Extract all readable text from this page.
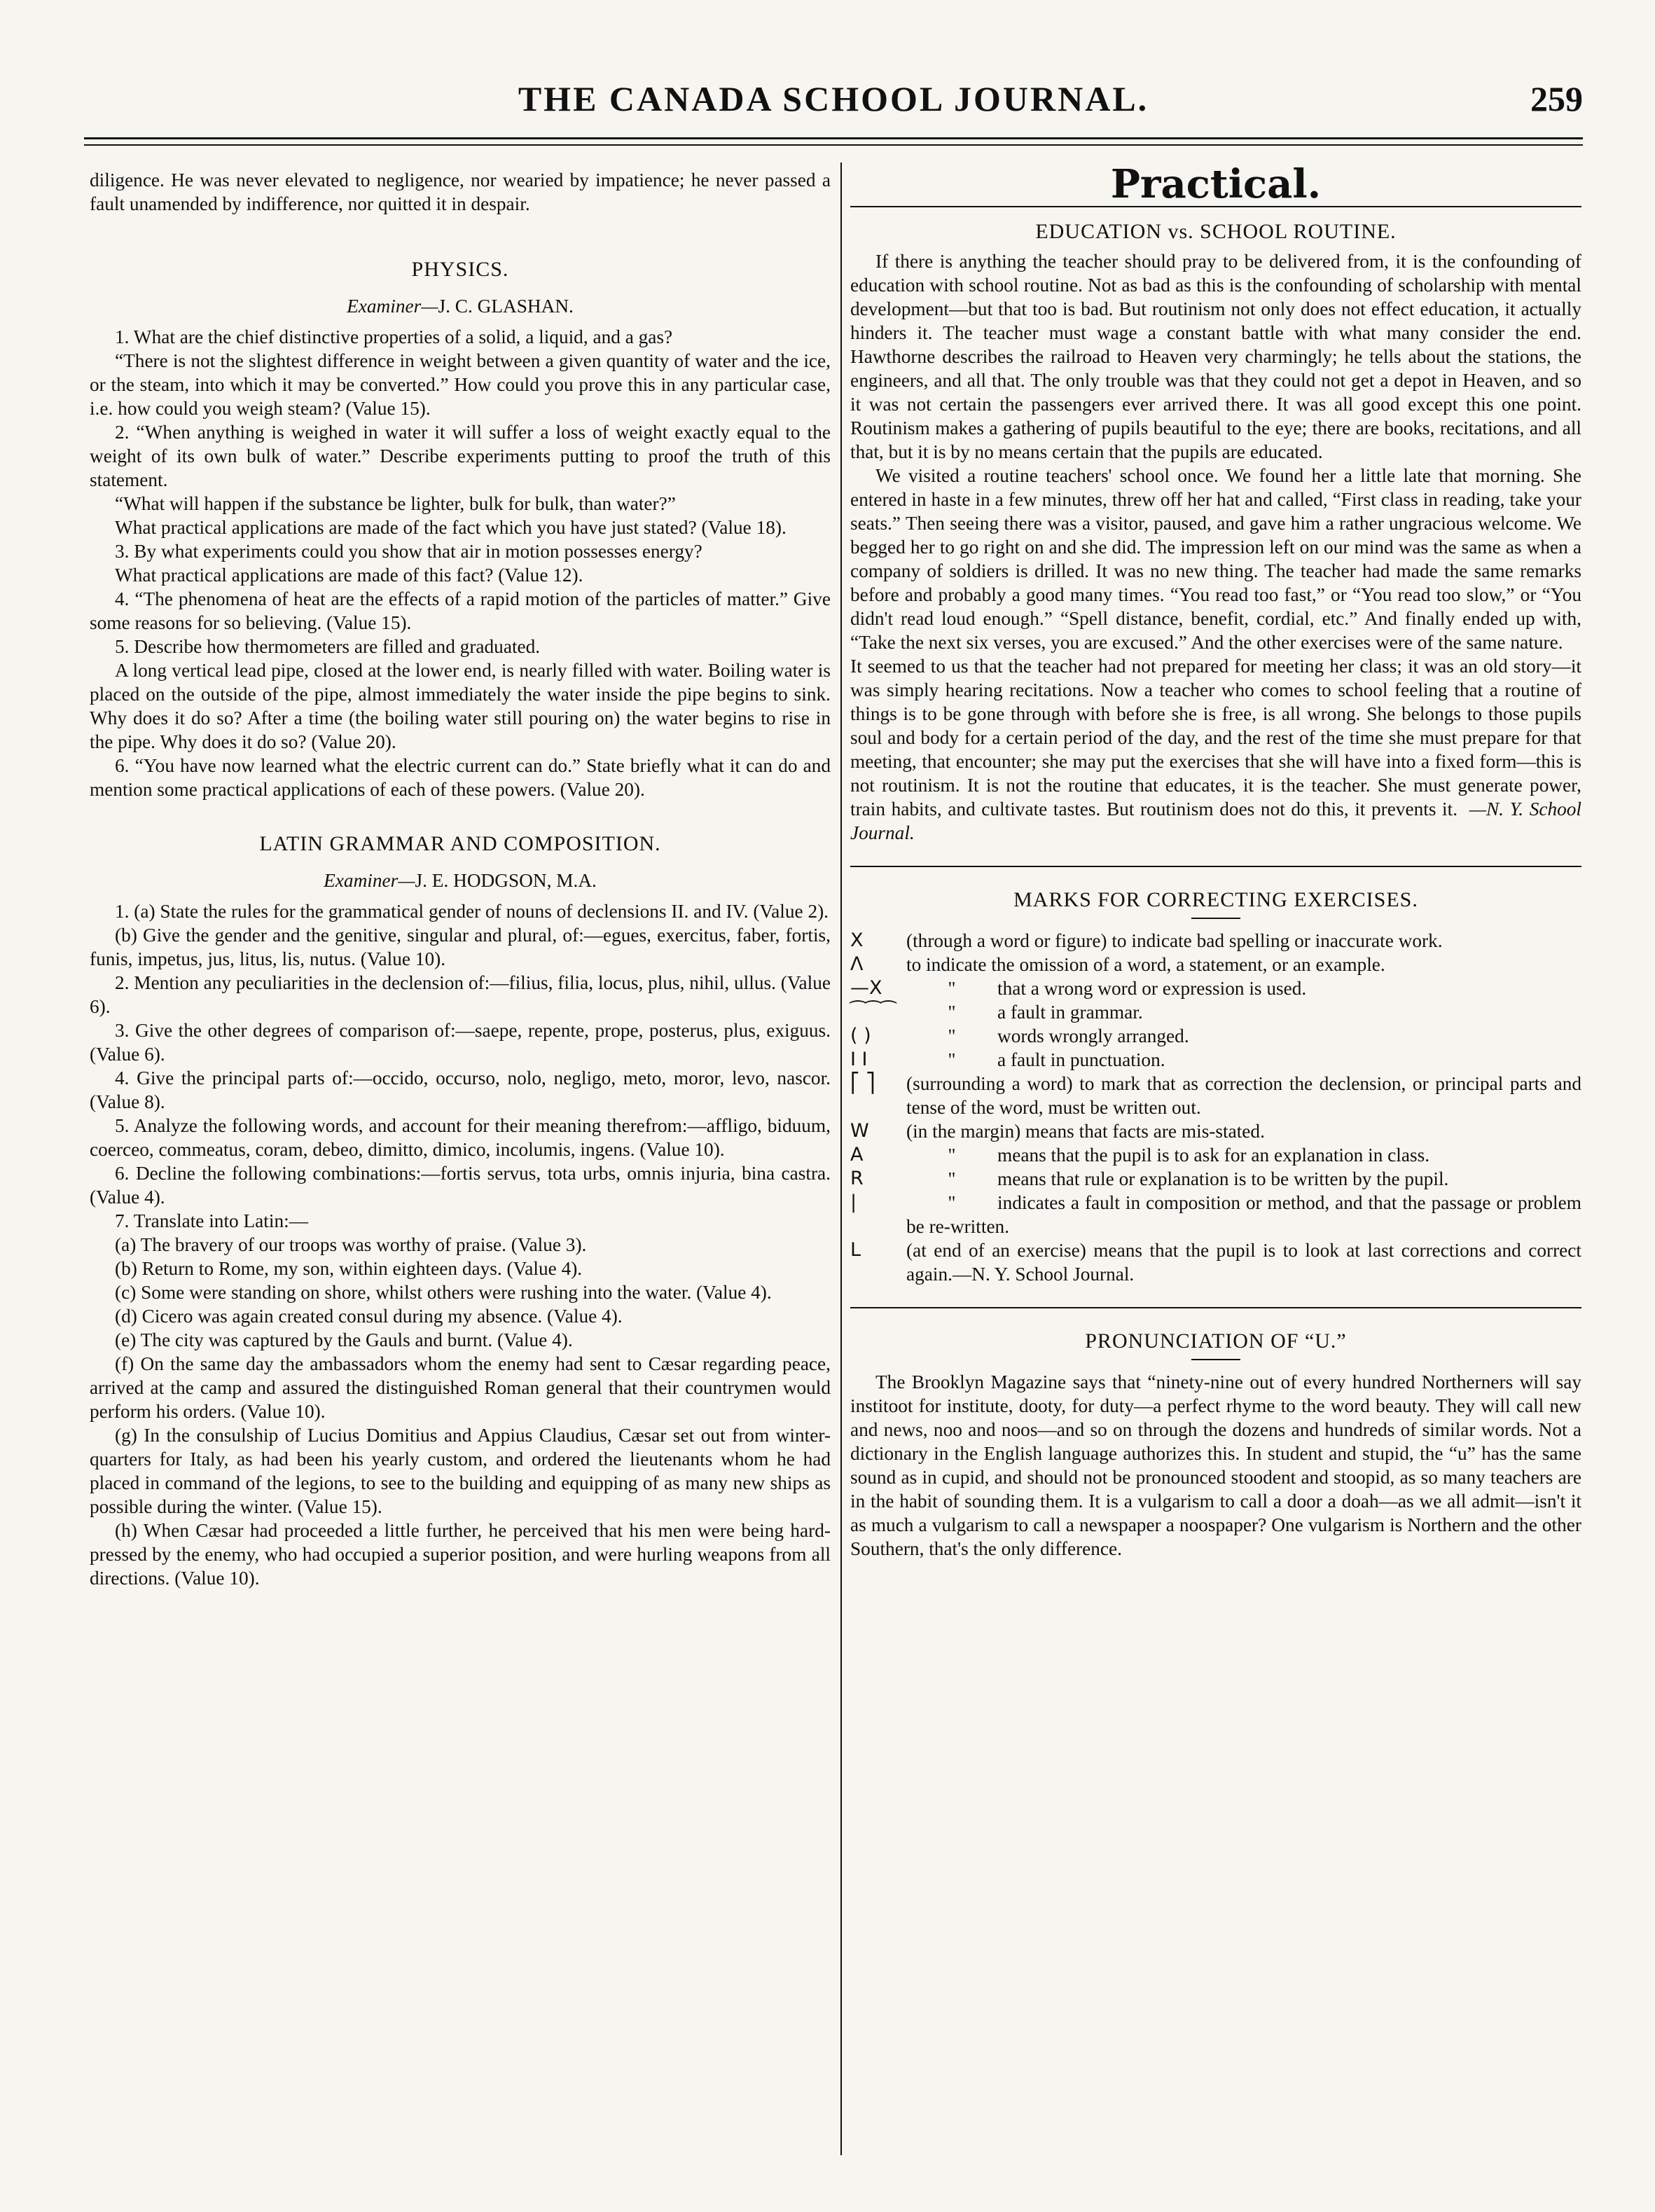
THE CANADA SCHOOL JOURNAL.	259

diligence. He was never elevated to negligence, nor wearied by impatience; he never passed a fault unamended by indifference, nor quitted it in despair.

PHYSICS.
Examiner—J. C. GLASHAN.

1. What are the chief distinctive properties of a solid, a liquid, and a gas?

“There is not the slightest difference in weight between a given quantity of water and the ice, or the steam, into which it may be converted.” How could you prove this in any particular case, i.e. how could you weigh steam? (Value 15).

2. “When anything is weighed in water it will suffer a loss of weight exactly equal to the weight of its own bulk of water.” Describe experiments putting to proof the truth of this statement.

“What will happen if the substance be lighter, bulk for bulk, than water?”

What practical applications are made of the fact which you have just stated? (Value 18).

3. By what experiments could you show that air in motion possesses energy?

What practical applications are made of this fact? (Value 12).

4. “The phenomena of heat are the effects of a rapid motion of the particles of matter.” Give some reasons for so believing. (Value 15).

5. Describe how thermometers are filled and graduated.

A long vertical lead pipe, closed at the lower end, is nearly filled with water. Boiling water is placed on the outside of the pipe, almost immediately the water inside the pipe begins to sink. Why does it do so? After a time (the boiling water still pouring on) the water begins to rise in the pipe. Why does it do so? (Value 20).

6. “You have now learned what the electric current can do.” State briefly what it can do and mention some practical applications of each of these powers. (Value 20).

LATIN GRAMMAR AND COMPOSITION.
Examiner—J. E. HODGSON, M.A.

1. (a) State the rules for the grammatical gender of nouns of declensions II. and IV. (Value 2).

(b) Give the gender and the genitive, singular and plural, of:—egues, exercitus, faber, fortis, funis, impetus, jus, litus, lis, nutus. (Value 10).

2. Mention any peculiarities in the declension of:—filius, filia, locus, plus, nihil, ullus. (Value 6).

3. Give the other degrees of comparison of:—saepe, repente, prope, posterus, plus, exiguus. (Value 6).

4. Give the principal parts of:—occido, occurso, nolo, negligo, meto, moror, levo, nascor. (Value 8).

5. Analyze the following words, and account for their meaning therefrom:—affligo, biduum, coerceo, commeatus, coram, debeo, dimitto, dimico, incolumis, ingens. (Value 10).

6. Decline the following combinations:—fortis servus, tota urbs, omnis injuria, bina castra. (Value 4).

7. Translate into Latin:—

(a) The bravery of our troops was worthy of praise. (Value 3).

(b) Return to Rome, my son, within eighteen days. (Value 4).

(c) Some were standing on shore, whilst others were rushing into the water. (Value 4).

(d) Cicero was again created consul during my absence. (Value 4).

(e) The city was captured by the Gauls and burnt. (Value 4).

(f) On the same day the ambassadors whom the enemy had sent to Cæsar regarding peace, arrived at the camp and assured the distinguished Roman general that their countrymen would perform his orders. (Value 10).

(g) In the consulship of Lucius Domitius and Appius Claudius, Cæsar set out from winter-quarters for Italy, as had been his yearly custom, and ordered the lieutenants whom he had placed in command of the legions, to see to the building and equipping of as many new ships as possible during the winter. (Value 15).

(h) When Cæsar had proceeded a little further, he perceived that his men were being hard-pressed by the enemy, who had occupied a superior position, and were hurling weapons from all directions. (Value 10).

Practical.
EDUCATION vs. SCHOOL ROUTINE.

If there is anything the teacher should pray to be delivered from, it is the confounding of education with school routine. Not as bad as this is the confounding of scholarship with mental development—but that too is bad. But routinism not only does not effect education, it actually hinders it. The teacher must wage a constant battle with what many consider the end. Hawthorne describes the railroad to Heaven very charmingly; he tells about the stations, the engineers, and all that. The only trouble was that they could not get a depot in Heaven, and so it was not certain the passengers ever arrived there. It was all good except this one point. Routinism makes a gathering of pupils beautiful to the eye; there are books, recitations, and all that, but it is by no means certain that the pupils are educated.

We visited a routine teachers' school once. We found her a little late that morning. She entered in haste in a few minutes, threw off her hat and called, “First class in reading, take your seats.” Then seeing there was a visitor, paused, and gave him a rather ungracious welcome. We begged her to go right on and she did. The impression left on our mind was the same as when a company of soldiers is drilled. It was no new thing. The teacher had made the same remarks before and probably a good many times. “You read too fast,” or “You read too slow,” or “You didn't read loud enough.” “Spell distance, benefit, cordial, etc.” And finally ended up with, “Take the next six verses, you are excused.” And the other exercises were of the same nature.

It seemed to us that the teacher had not prepared for meeting her class; it was an old story—it was simply hearing recitations. Now a teacher who comes to school feeling that a routine of things is to be gone through with before she is free, is all wrong. She belongs to those pupils soul and body for a certain period of the day, and the rest of the time she must prepare for that meeting, that encounter; she may put the exercises that she will have into a fixed form—this is not routinism. It is not the routine that educates, it is the teacher. She must generate power, train habits, and cultivate tastes. But routinism does not do this, it prevents it.

—N. Y. School Journal.

MARKS FOR CORRECTING EXERCISES.
X	(through a word or figure) to indicate bad spelling or inaccurate work.
Λ	to indicate the omission of a word, a statement, or an example.
—X	" that a wrong word or expression is used.
⁀⁀⁀	" a fault in grammar.
( )	" words wrongly arranged.
I I	" a fault in punctuation.
⎡ ⎤	(surrounding a word) to mark that as correction the declension, or principal parts and tense of the word, must be written out.
W	(in the margin) means that facts are mis-stated.
A	" means that the pupil is to ask for an explanation in class.
R	" means that rule or explanation is to be written by the pupil.
|	" indicates a fault in composition or method, and that the passage or problem be re-written.
L	(at end of an exercise) means that the pupil is to look at last corrections and correct again.—N. Y. School Journal.
PRONUNCIATION OF “U.”

The Brooklyn Magazine says that “ninety-nine out of every hundred Northerners will say institoot for institute, dooty, for duty—a perfect rhyme to the word beauty. They will call new and news, noo and noos—and so on through the dozens and hundreds of similar words. Not a dictionary in the English language authorizes this. In student and stupid, the “u” has the same sound as in cupid, and should not be pronounced stoodent and stoopid, as so many teachers are in the habit of sounding them. It is a vulgarism to call a door a doah—as we all admit—isn't it as much a vulgarism to call a newspaper a noospaper? One vulgarism is Northern and the other Southern, that's the only difference.
